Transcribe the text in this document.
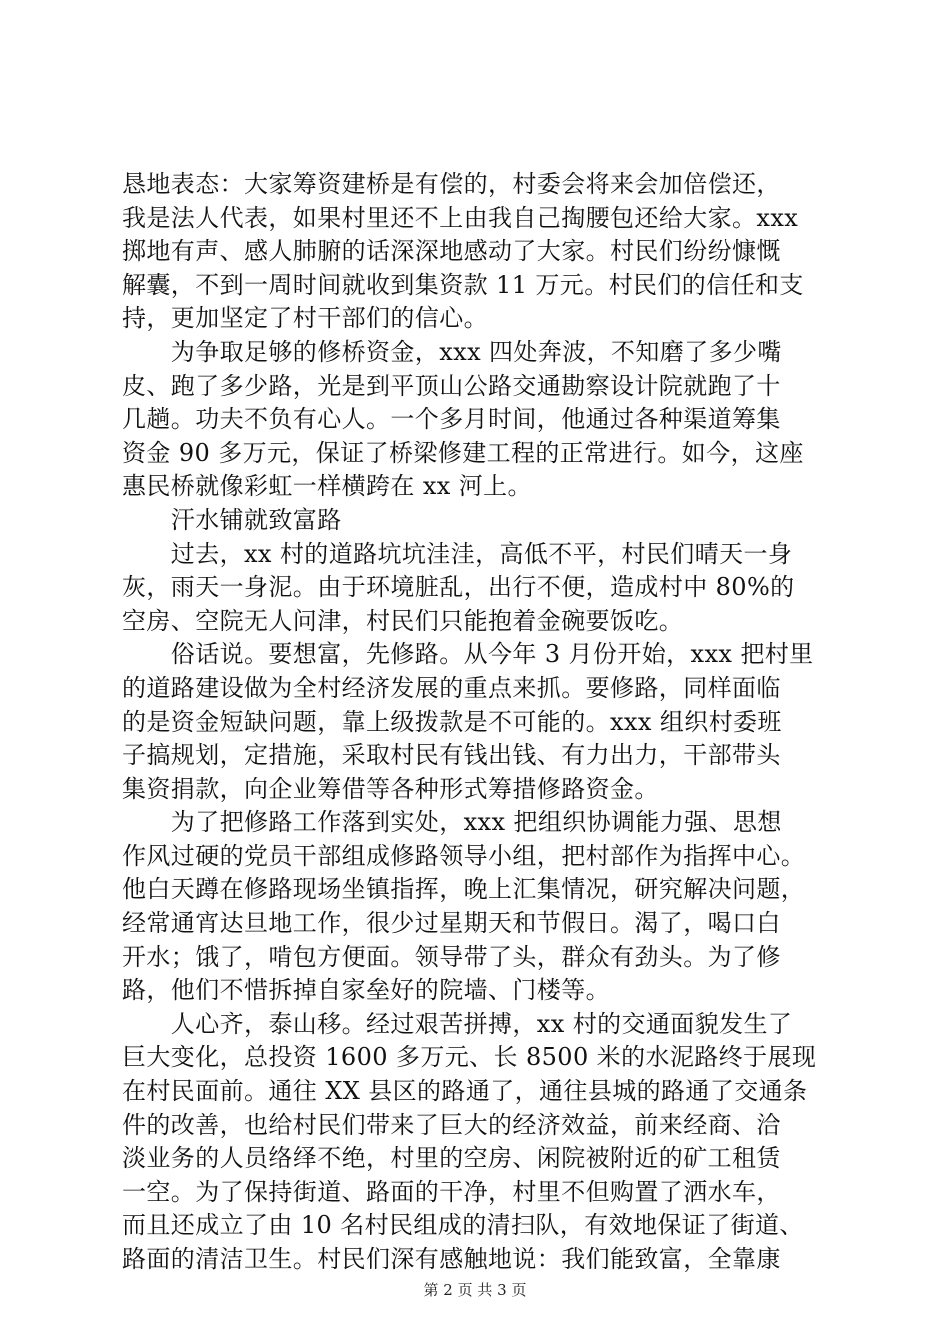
恳地表态：大家筹资建桥是有偿的，村委会将来会加倍偿还，
我是法人代表，如果村里还不上由我自己掏腰包还给大家。xxx
掷地有声、感人肺腑的话深深地感动了大家。村民们纷纷慷慨
解囊，不到一周时间就收到集资款 11 万元。村民们的信任和支
持，更加坚定了村干部们的信心。
　　为争取足够的修桥资金，xxx 四处奔波，不知磨了多少嘴
皮、跑了多少路，光是到平顶山公路交通勘察设计院就跑了十
几趟。功夫不负有心人。一个多月时间，他通过各种渠道筹集
资金 90 多万元，保证了桥梁修建工程的正常进行。如今，这座
惠民桥就像彩虹一样横跨在 xx 河上。
　　汗水铺就致富路
　　过去，xx 村的道路坑坑洼洼，高低不平，村民们晴天一身
灰，雨天一身泥。由于环境脏乱，出行不便，造成村中 80%的
空房、空院无人问津，村民们只能抱着金碗要饭吃。
　　俗话说。要想富，先修路。从今年 3 月份开始，xxx 把村里
的道路建设做为全村经济发展的重点来抓。要修路，同样面临
的是资金短缺问题，靠上级拨款是不可能的。xxx 组织村委班
子搞规划，定措施，采取村民有钱出钱、有力出力，干部带头
集资捐款，向企业筹借等各种形式筹措修路资金。
　　为了把修路工作落到实处，xxx 把组织协调能力强、思想
作风过硬的党员干部组成修路领导小组，把村部作为指挥中心。
他白天蹲在修路现场坐镇指挥，晚上汇集情况，研究解决问题，
经常通宵达旦地工作，很少过星期天和节假日。渴了，喝口白
开水；饿了，啃包方便面。领导带了头，群众有劲头。为了修
路，他们不惜拆掉自家垒好的院墙、门楼等。
　　人心齐，泰山移。经过艰苦拼搏，xx 村的交通面貌发生了
巨大变化，总投资 1600 多万元、长 8500 米的水泥路终于展现
在村民面前。通往 XX 县区的路通了，通往县城的路通了交通条
件的改善，也给村民们带来了巨大的经济效益，前来经商、洽
淡业务的人员络绎不绝，村里的空房、闲院被附近的矿工租赁
一空。为了保持街道、路面的干净，村里不但购置了洒水车，
而且还成立了由 10 名村民组成的清扫队，有效地保证了街道、
路面的清洁卫生。村民们深有感触地说：我们能致富，全靠康
第 2 页 共 3 页
